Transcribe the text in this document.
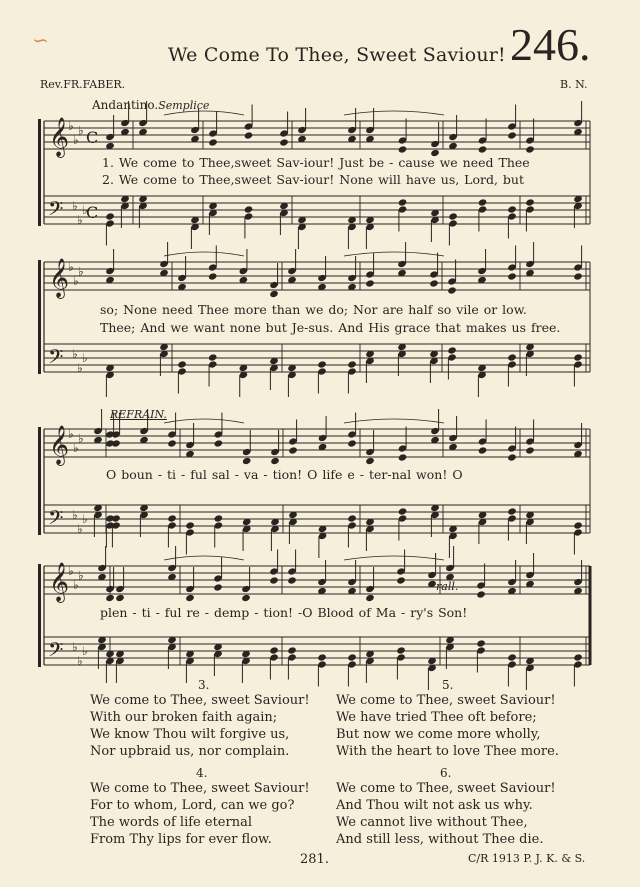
∽
We Come To Thee, Sweet Saviour! 246.
Rev.FR.FABER.	B. N.
Andantino.Semplice
REFRAIN.
rall.
𝄞
𝄢
♭
♭
♭
♭
♭
♭
C
C
𝄞
𝄢
♭
♭
♭
♭
♭
♭
𝄞
𝄢
♭
♭
♭
♭
♭
♭
𝄞
𝄢
♭
♭
♭
♭
♭
♭
1. We come to Thee,sweet Sav-iour! Just be - cause we need Thee
2. We come to Thee,sweet Sav-iour! None will have us, Lord, but
so; None need Thee more than we do; Nor are half so vile or low.
Thee; And we want none but Je-sus. And His grace that makes us free.
O boun - ti - ful sal - va - tion! O life e - ter-nal won! O
plen - ti - ful re - demp - tion! -O Blood of Ma - ry's Son!
3.
We come to Thee, sweet Saviour!
With our broken faith again;
We know Thou wilt forgive us,
Nor upbraid us, nor complain.
4.
We come to Thee, sweet Saviour!
For to whom, Lord, can we go?
The words of life eternal
From Thy lips for ever flow.
5.
We come to Thee, sweet Saviour!
We have tried Thee oft before;
But now we come more wholly,
With the heart to love Thee more.
6.
We come to Thee, sweet Saviour!
And Thou wilt not ask us why.
We cannot live without Thee,
And still less, without Thee die.
281.	C/R 1913 P. J. K. & S.
